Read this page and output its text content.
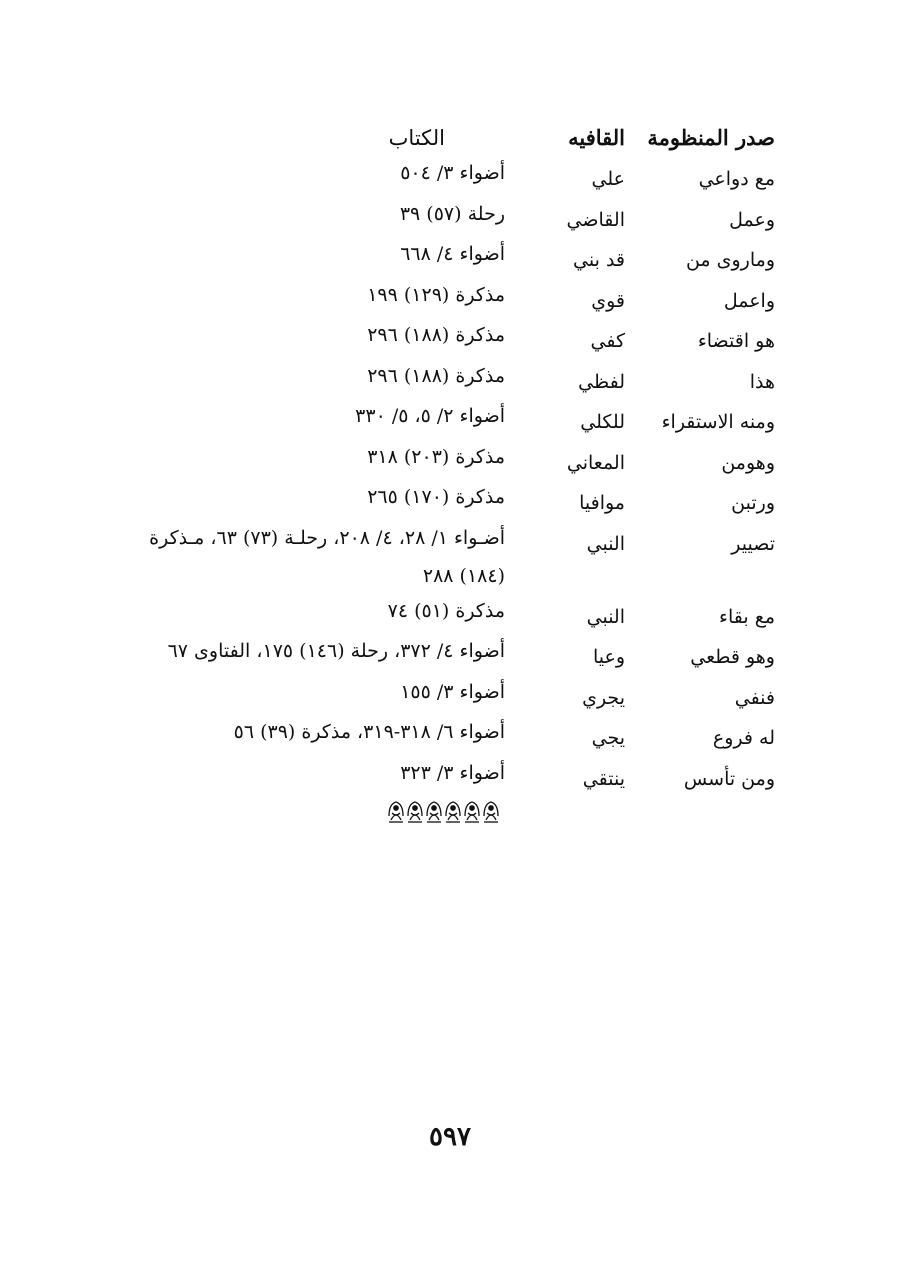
صدر المنظومة
القافيه
الكتاب
مع دواعي
علي
أضواء ٣/ ٥٠٤
وعمل
القاضي
رحلة (٥٧) ٣٩
وماروى من
قد بني
أضواء ٤/ ٦٦٨
واعمل
قوي
مذكرة (١٢٩) ١٩٩
هو اقتضاء
كفي
مذكرة (١٨٨) ٢٩٦
هذا
لفظي
مذكرة (١٨٨) ٢٩٦
ومنه الاستقراء
للكلي
أضواء ٢/ ٥، ٥/ ٣٣٠
وهومن
المعاني
مذكرة (٢٠٣) ٣١٨
ورتبن
موافيا
مذكرة (١٧٠) ٢٦٥
تصيير
النبي
أضـواء ١/ ٢٨، ٤/ ٢٠٨، رحلـة (٧٣) ٦٣، مـذكرة (١٨٤) ٢٨٨
مع بقاء
النبي
مذكرة (٥١) ٧٤
وهو قطعي
وعيا
أضواء ٤/ ٣٧٢، رحلة (١٤٦) ١٧٥، الفتاوى ٦٧
فنفي
يجري
أضواء ٣/ ١٥٥
له فروع
يجي
أضواء ٦/ ٣١٨-٣١٩، مذكرة (٣٩) ٥٦
ومن تأسس
ينتقي
أضواء ٣/ ٣٢٣
٥٩٧
